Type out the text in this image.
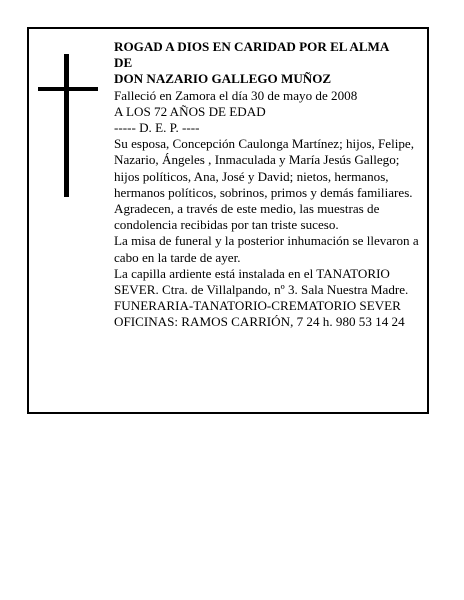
ROGAD A DIOS EN CARIDAD POR EL ALMA

DE

DON NAZARIO GALLEGO MUÑOZ

Falleció en Zamora el día 30 de mayo de 2008

A LOS 72 AÑOS DE EDAD

----- D. E. P. ----

Su esposa, Concepción Caulonga Martínez; hijos, Felipe, Nazario, Ángeles , Inmaculada y María Jesús Gallego; hijos políticos, Ana, José y David; nietos, hermanos, hermanos políticos, sobrinos, primos y demás familiares.

Agradecen, a través de este medio, las muestras de condolencia recibidas por tan triste suceso.

La misa de funeral y la posterior inhumación se llevaron a cabo en la tarde de ayer.

La capilla ardiente está instalada en el TANATORIO SEVER. Ctra. de Villalpando, nº 3. Sala Nuestra Madre.

FUNERARIA-TANATORIO-CREMATORIO SEVER

OFICINAS: RAMOS CARRIÓN, 7 24 h. 980 53 14 24
